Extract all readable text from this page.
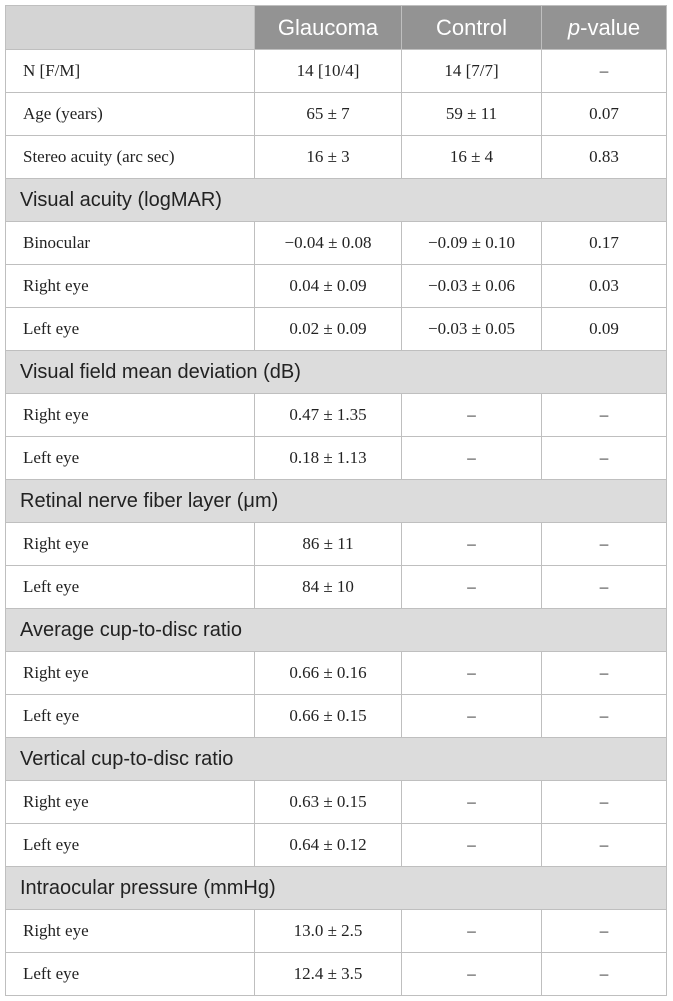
	Glaucoma	Control	p-value
N [F/M]	14 [10/4]	14 [7/7]	–
Age (years)	65 ± 7	59 ± 11	0.07
Stereo acuity (arc sec)	16 ± 3	16 ± 4	0.83
Visual acuity (logMAR)			
Binocular	−0.04 ± 0.08	−0.09 ± 0.10	0.17
Right eye	0.04 ± 0.09	−0.03 ± 0.06	0.03
Left eye	0.02 ± 0.09	−0.03 ± 0.05	0.09
Visual field mean deviation (dB)			
Right eye	0.47 ± 1.35	–	–
Left eye	0.18 ± 1.13	–	–
Retinal nerve fiber layer (μm)			
Right eye	86 ± 11	–	–
Left eye	84 ± 10	–	–
Average cup-to-disc ratio			
Right eye	0.66 ± 0.16	–	–
Left eye	0.66 ± 0.15	–	–
Vertical cup-to-disc ratio			
Right eye	0.63 ± 0.15	–	–
Left eye	0.64 ± 0.12	–	–
Intraocular pressure (mmHg)			
Right eye	13.0 ± 2.5	–	–
Left eye	12.4 ± 3.5	–	–
